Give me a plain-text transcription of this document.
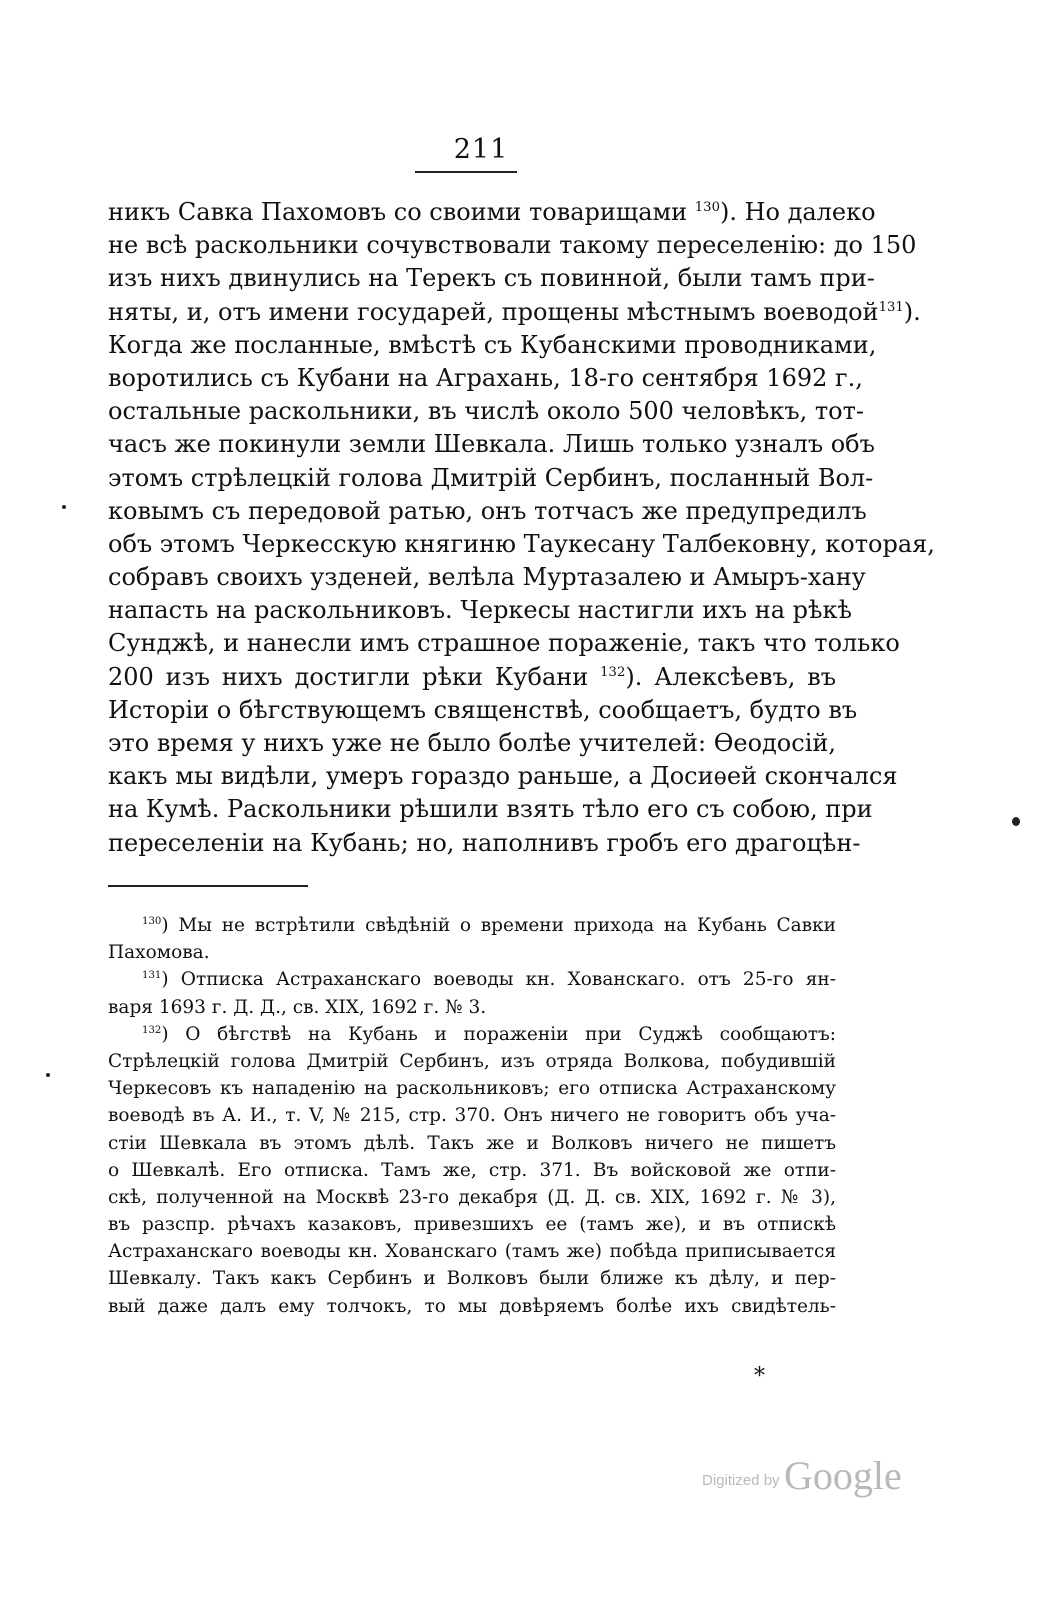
211
никъ Савка Пахомовъ со своими товарищами $^{130}$). Но далеко
не всѣ раскольники сочувствовали такому переселенію: до 150
изъ нихъ двинулись на Терекъ съ повинной, были тамъ при-
няты, и, отъ имени государей, прощены мѣстнымъ воеводой$^{131}$).
Когда же посланные, вмѣстѣ съ Кубанскими проводниками,
воротились съ Кубани на Аграхань, 18-го сентября 1692 г.,
остальные раскольники, въ числѣ около 500 человѣкъ, тот-
часъ же покинули земли Шевкала. Лишь только узналъ объ
этомъ стрѣлецкій голова Дмитрій Сербинъ, посланный Вол-
ковымъ съ передовой ратью, онъ тотчасъ же предупредилъ
объ этомъ Черкесскую княгиню Таукесану Талбековну, которая,
собравъ своихъ узденей, велѣла Муртазалею и Амыръ-хану
напасть на раскольниковъ. Черкесы настигли ихъ на рѣкѣ
Сунджѣ, и нанесли имъ страшное пораженіе, такъ что только
200 изъ нихъ достигли рѣки Кубани $^{132}$). Алексѣевъ, въ
Исторіи о бѣгствующемъ священствѣ, сообщаетъ, будто въ
это время у нихъ уже не было болѣе учителей: Ѳеодосій,
какъ мы видѣли, умеръ гораздо раньше, а Досиѳей скончался
на Кумѣ. Раскольники рѣшили взять тѣло его съ собою, при
переселеніи на Кубань; но, наполнивъ гробъ его драгоцѣн-
$^{130}$) Мы не встрѣтили свѣдѣній о времени прихода на Кубань Савки
Пахомова.
$^{131}$) Отписка Астраханскаго воеводы кн. Хованскаго. отъ 25-го ян-
варя 1693 г. Д. Д., св. XIX, 1692 г. № 3.
$^{132}$) О бѣгствѣ на Кубань и пораженіи при Суджѣ сообщаютъ:
Стрѣлецкій голова Дмитрій Сербинъ, изъ отряда Волкова, побудившій
Черкесовъ къ нападенію на раскольниковъ; его отписка Астраханскому
воеводѣ въ А. И., т. V, № 215, стр. 370. Онъ ничего не говоритъ объ уча-
стіи Шевкала въ этомъ дѣлѣ. Такъ же и Волковъ ничего не пишетъ
о Шевкалѣ. Его отписка. Тамъ же, стр. 371. Въ войсковой же отпи-
скѣ, полученной на Москвѣ 23-го декабря (Д. Д. св. XIX, 1692 г. № 3),
въ разспр. рѣчахъ казаковъ, привезшихъ ее (тамъ же), и въ отпискѣ
Астраханскаго воеводы кн. Хованскаго (тамъ же) побѣда приписывается
Шевкалу. Такъ какъ Сербинъ и Волковъ были ближе къ дѣлу, и пер-
вый даже далъ ему толчокъ, то мы довѣряемъ болѣе ихъ свидѣтель-
*
Digitized by Google
